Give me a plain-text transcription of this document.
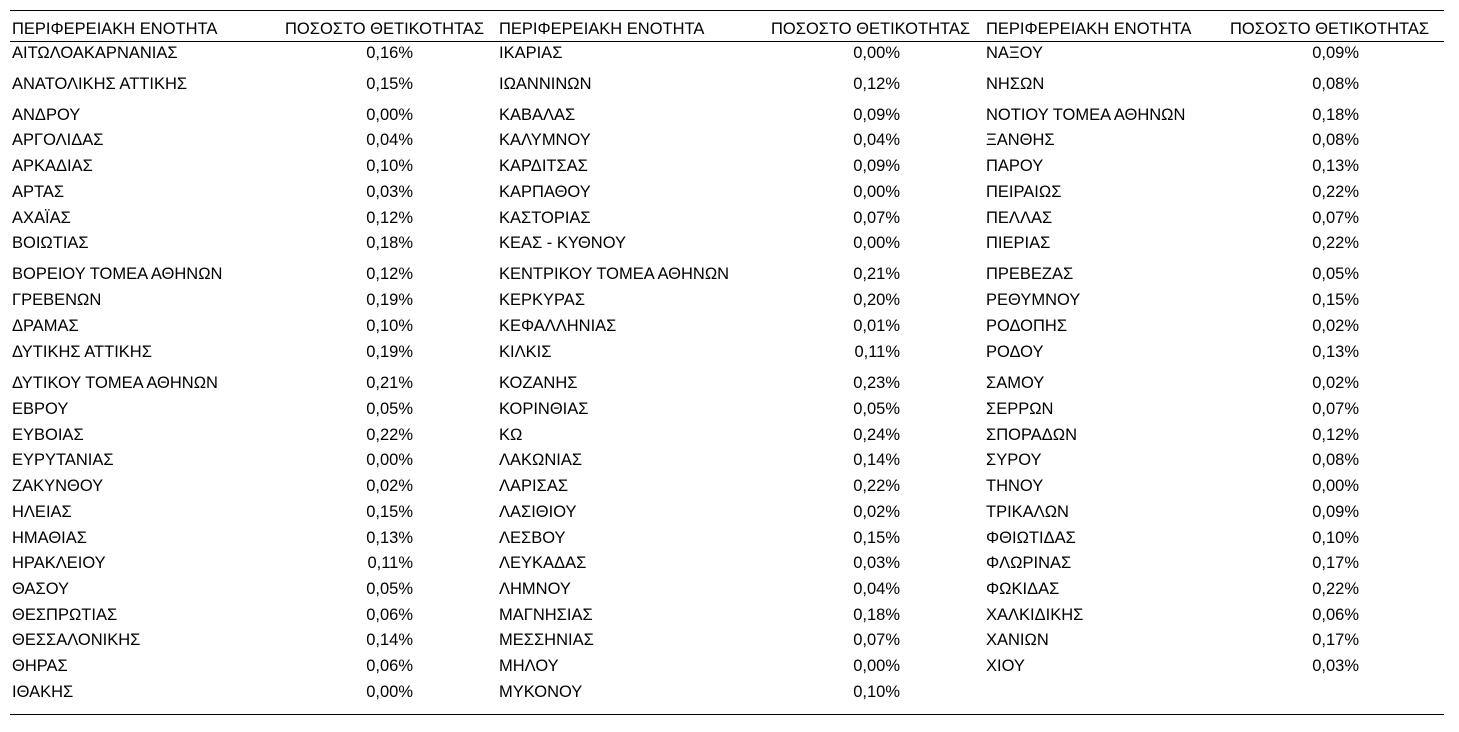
ΠΕΡΙΦΕΡΕΙΑΚΗ ΕΝΟΤΗΤΑ	ΠΟΣΟΣΤΟ ΘΕΤΙΚΟΤΗΤΑΣ ΠΕΡΙΦΕΡΕΙΑΚΗ ΕΝΟΤΗΤΑ	ΠΟΣΟΣΤΟ ΘΕΤΙΚΟΤΗΤΑΣ ΠΕΡΙΦΕΡΕΙΑΚΗ ΕΝΟΤΗΤΑ ΠΟΣΟΣΤΟ ΘΕΤΙΚΟΤΗΤΑΣ
ΑΙΤΩΛΟΑΚΑΡΝΑΝΙΑΣ	0,16%
ΑΝΑΤΟΛΙΚΗΣ ΑΤΤΙΚΗΣ	0,15%
ΑΝΔΡΟΥ	0,00%
ΑΡΓΟΛΙΔΑΣ	0,04%
ΑΡΚΑΔΙΑΣ	0,10%
ΑΡΤΑΣ	0,03%
ΑΧΑΪΑΣ	0,12%
ΒΟΙΩΤΙΑΣ	0,18%
ΒΟΡΕΙΟΥ ΤΟΜΕΑ ΑΘΗΝΩΝ	0,12%
ΓΡΕΒΕΝΩΝ	0,19%
ΔΡΑΜΑΣ	0,10%
ΔΥΤΙΚΗΣ ΑΤΤΙΚΗΣ	0,19%
ΔΥΤΙΚΟΥ ΤΟΜΕΑ ΑΘΗΝΩΝ	0,21%
ΕΒΡΟΥ	0,05%
ΕΥΒΟΙΑΣ	0,22%
ΕΥΡΥΤΑΝΙΑΣ	0,00%
ΖΑΚΥΝΘΟΥ	0,02%
ΗΛΕΙΑΣ	0,15%
ΗΜΑΘΙΑΣ	0,13%
ΗΡΑΚΛΕΙΟΥ	0,11%
ΘΑΣΟΥ	0,05%
ΘΕΣΠΡΩΤΙΑΣ	0,06%
ΘΕΣΣΑΛΟΝΙΚΗΣ	0,14%
ΘΗΡΑΣ	0,06%
ΙΘΑΚΗΣ	0,00%
ΙΚΑΡΙΑΣ	0,00%
ΙΩΑΝΝΙΝΩΝ	0,12%
ΚΑΒΑΛΑΣ	0,09%
ΚΑΛΥΜΝΟΥ	0,04%
ΚΑΡΔΙΤΣΑΣ	0,09%
ΚΑΡΠΑΘΟΥ	0,00%
ΚΑΣΤΟΡΙΑΣ	0,07%
ΚΕΑΣ - ΚΥΘΝΟΥ	0,00%
ΚΕΝΤΡΙΚΟΥ ΤΟΜΕΑ ΑΘΗΝΩΝ	0,21%
ΚΕΡΚΥΡΑΣ	0,20%
ΚΕΦΑΛΛΗΝΙΑΣ	0,01%
ΚΙΛΚΙΣ	0,11%
ΚΟΖΑΝΗΣ	0,23%
ΚΟΡΙΝΘΙΑΣ	0,05%
ΚΩ	0,24%
ΛΑΚΩΝΙΑΣ	0,14%
ΛΑΡΙΣΑΣ	0,22%
ΛΑΣΙΘΙΟΥ	0,02%
ΛΕΣΒΟΥ	0,15%
ΛΕΥΚΑΔΑΣ	0,03%
ΛΗΜΝΟΥ	0,04%
ΜΑΓΝΗΣΙΑΣ	0,18%
ΜΕΣΣΗΝΙΑΣ	0,07%
ΜΗΛΟΥ	0,00%
ΜΥΚΟΝΟΥ	0,10%
ΝΑΞΟΥ	0,09%
ΝΗΣΩΝ	0,08%
ΝΟΤΙΟΥ ΤΟΜΕΑ ΑΘΗΝΩΝ	0,18%
ΞΑΝΘΗΣ	0,08%
ΠΑΡΟΥ	0,13%
ΠΕΙΡΑΙΩΣ	0,22%
ΠΕΛΛΑΣ	0,07%
ΠΙΕΡΙΑΣ	0,22%
ΠΡΕΒΕΖΑΣ	0,05%
ΡΕΘΥΜΝΟΥ	0,15%
ΡΟΔΟΠΗΣ	0,02%
ΡΟΔΟΥ	0,13%
ΣΑΜΟΥ	0,02%
ΣΕΡΡΩΝ	0,07%
ΣΠΟΡΑΔΩΝ	0,12%
ΣΥΡΟΥ	0,08%
ΤΗΝΟΥ	0,00%
ΤΡΙΚΑΛΩΝ	0,09%
ΦΘΙΩΤΙΔΑΣ	0,10%
ΦΛΩΡΙΝΑΣ	0,17%
ΦΩΚΙΔΑΣ	0,22%
ΧΑΛΚΙΔΙΚΗΣ	0,06%
ΧΑΝΙΩΝ	0,17%
ΧΙΟΥ	0,03%
